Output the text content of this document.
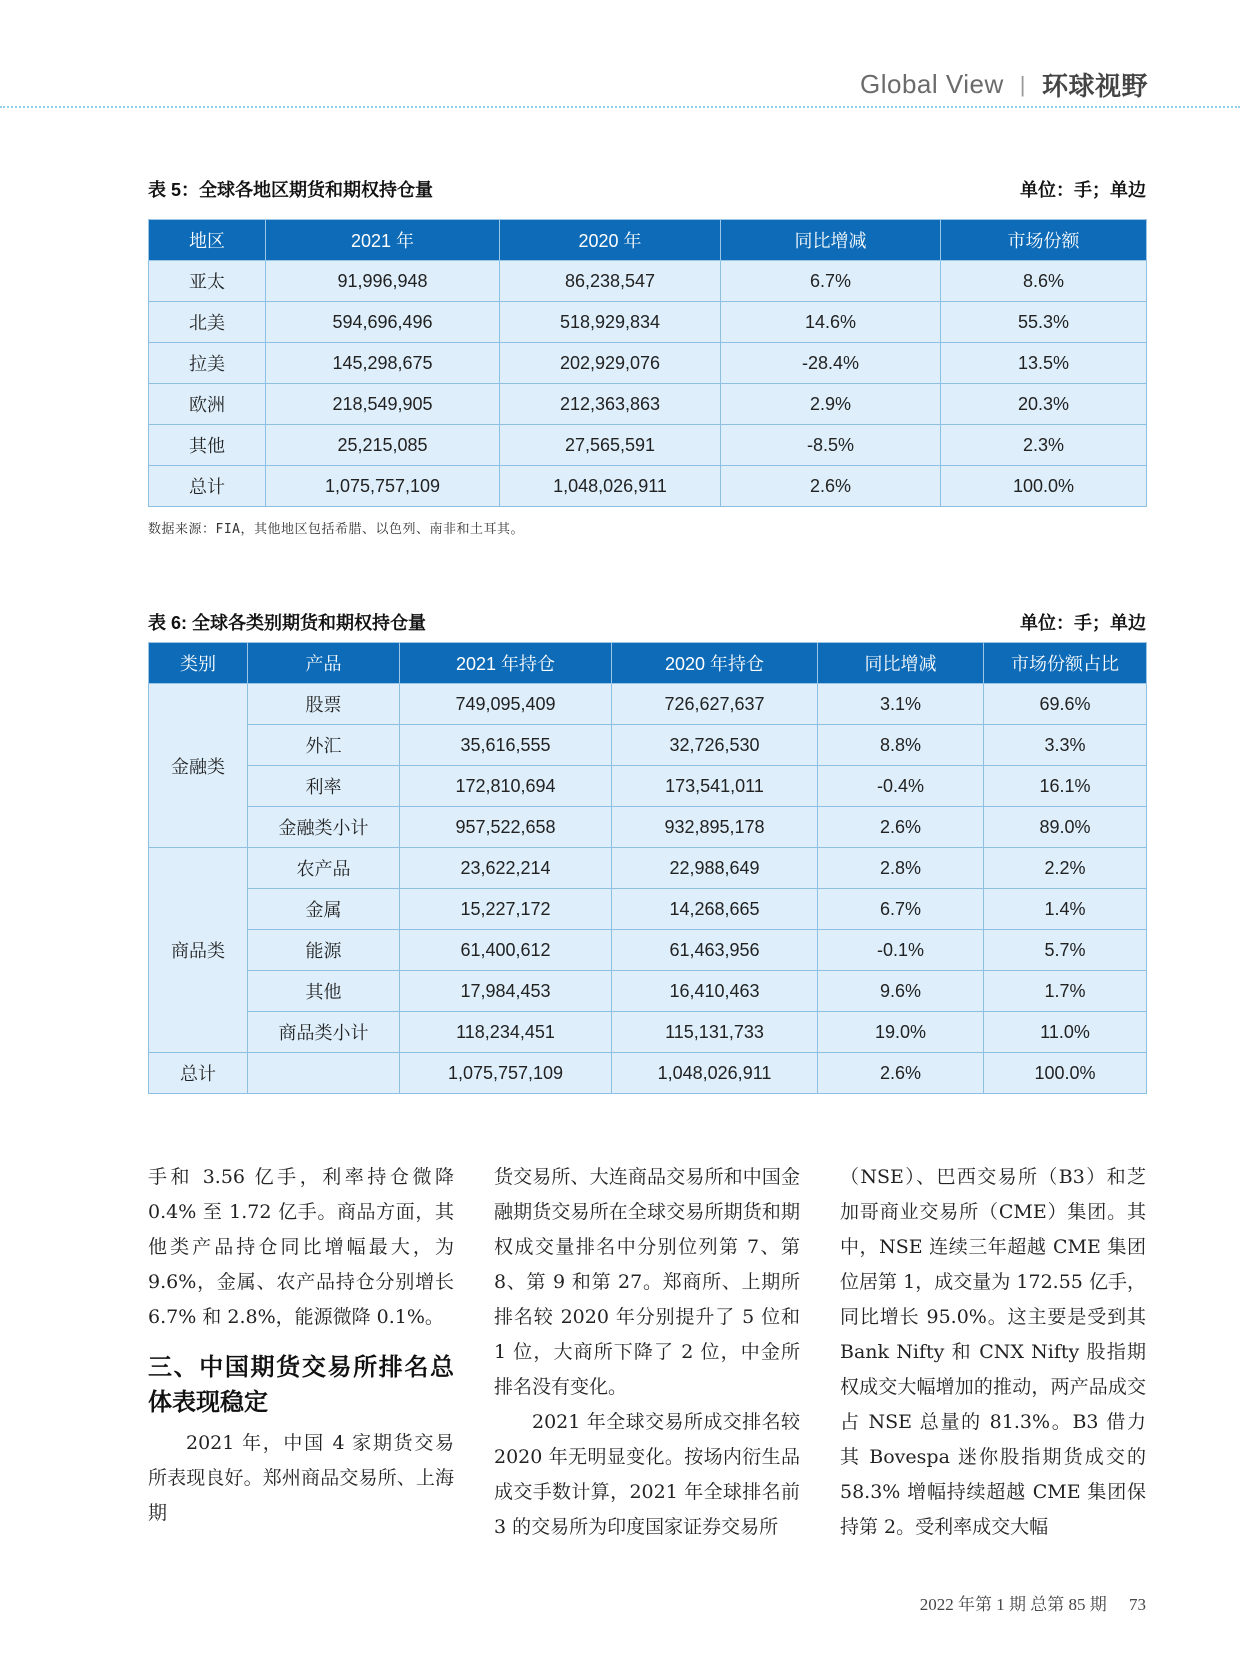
Global View | 环球视野
表 5：全球各地区期货和期权持仓量	单位：手；单边
地区	2021 年	2020 年	同比增减	市场份额
亚太	91,996,948	86,238,547	6.7%	8.6%
北美	594,696,496	518,929,834	14.6%	55.3%
拉美	145,298,675	202,929,076	-28.4%	13.5%
欧洲	218,549,905	212,363,863	2.9%	20.3%
其他	25,215,085	27,565,591	-8.5%	2.3%
总计	1,075,757,109	1,048,026,911	2.6%	100.0%
数据来源：FIA，其他地区包括希腊、以色列、南非和土耳其。
表 6: 全球各类别期货和期权持仓量	单位：手；单边
类别	产品	2021 年持仓	2020 年持仓	同比增减	市场份额占比
金融类	股票	749,095,409	726,627,637	3.1%	69.6%
	外汇	35,616,555	32,726,530	8.8%	3.3%
	利率	172,810,694	173,541,011	-0.4%	16.1%
	金融类小计	957,522,658	932,895,178	2.6%	89.0%
商品类	农产品	23,622,214	22,988,649	2.8%	2.2%
	金属	15,227,172	14,268,665	6.7%	1.4%
	能源	61,400,612	61,463,956	-0.1%	5.7%
	其他	17,984,453	16,410,463	9.6%	1.7%
	商品类小计	118,234,451	115,131,733	19.0%	11.0%
总计		1,075,757,109	1,048,026,911	2.6%	100.0%

手和 3.56 亿手，利率持仓微降 0.4% 至 1.72 亿手。商品方面，其他类产品持仓同比增幅最大，为 9.6%，金属、农产品持仓分别增长 6.7% 和 2.8%，能源微降 0.1%。

三、中国期货交易所排名总体表现稳定

2021 年，中国 4 家期货交易所表现良好。郑州商品交易所、上海期

货交易所、大连商品交易所和中国金融期货交易所在全球交易所期货和期权成交量排名中分别位列第 7、第 8、第 9 和第 27。郑商所、上期所排名较 2020 年分别提升了 5 位和 1 位，大商所下降了 2 位，中金所排名没有变化。

2021 年全球交易所成交排名较 2020 年无明显变化。按场内衍生品成交手数计算，2021 年全球排名前 3 的交易所为印度国家证券交易所

（NSE）、巴西交易所（B3）和芝加哥商业交易所（CME）集团。其中，NSE 连续三年超越 CME 集团位居第 1，成交量为 172.55 亿手，同比增长 95.0%。这主要是受到其 Bank Nifty 和 CNX Nifty 股指期权成交大幅增加的推动，两产品成交占 NSE 总量的 81.3%。B3 借力其 Bovespa 迷你股指期货成交的 58.3% 增幅持续超越 CME 集团保持第 2。受利率成交大幅

2022 年第 1 期 总第 85 期 73
